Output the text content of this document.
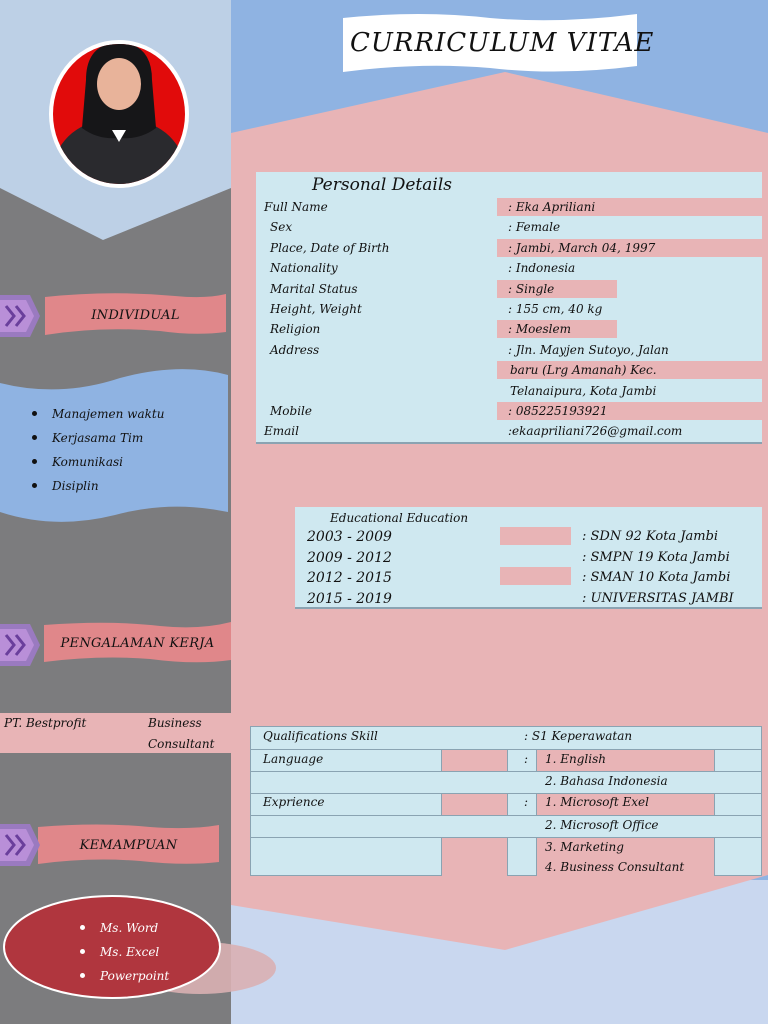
CURRICULUM VITAE
Personal Details
Full Name	: Eka Apriliani
Sex	: Female
Place, Date of Birth	: Jambi, March 04, 1997
Nationality	: Indonesia
Marital Status	: Single
Height, Weight	: 155 cm, 40 kg
Religion	: Moeslem
Address	: Jln. Mayjen Sutoyo, Jalan
baru (Lrg Amanah) Kec.
Telanaipura, Kota Jambi
Mobile	: 085225193921
Email	:ekaapriliani726@gmail.com
Educational Education
2003 - 2009	: SDN 92 Kota Jambi
2009 - 2012	: SMPN 19 Kota Jambi
2012 - 2015	: SMAN 10 Kota Jambi
2015 - 2019	: UNIVERSITAS JAMBI
Qualifications Skill	: S1 Keperawatan
Language	: 1. English
2. Bahasa Indonesia
Exprience	: 1. Microsoft Exel
2. Microsoft Office
3. Marketing
4. Business Consultant
INDIVIDUAL
Manajemen waktu
Kerjasama Tim
Komunikasi
Disiplin
PENGALAMAN KERJA
PT. Bestprofit	Business
Consultant
KEMAMPUAN
Ms. Word
Ms. Excel
Powerpoint
